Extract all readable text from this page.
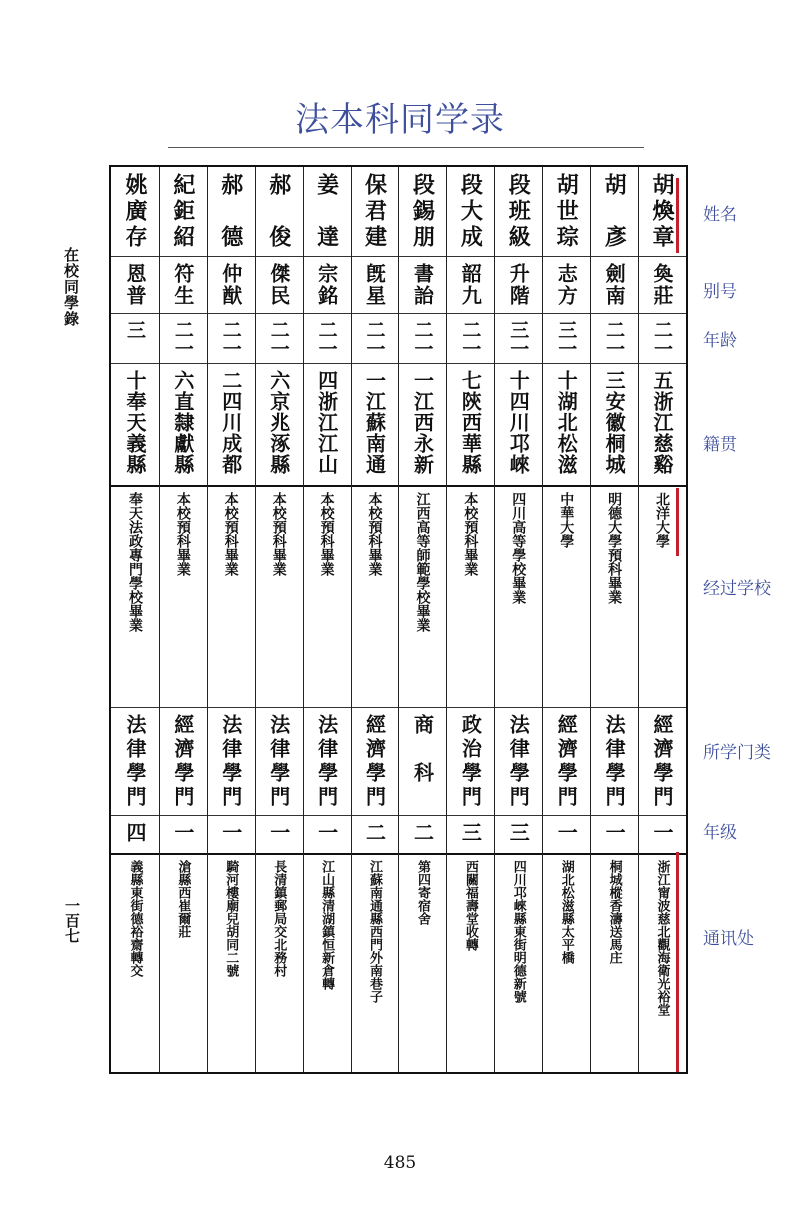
法本科同学录
在校同學錄
一百七
胡煥章
奐莊
二一
五浙江慈谿
北洋大學
經濟學門
一
浙江甯波慈北觀海衛光裕堂
胡　彥
劍南
二一
三安徽桐城
明德大學預科畢業
法律學門
一
桐城樅香濤送馬庄
胡世琮
志方
三一
十湖北松滋
中華大學
經濟學門
一
湖北松滋縣太平橋
段班級
升階
三一
十四川邛崍
四川高等學校畢業
法律學門
三
四川邛崍縣東街明德新號
段大成
韶九
二一
七陝西華縣
本校預科畢業
政治學門
三
西關福壽堂收轉
段錫朋
書詒
二一
一江西永新
江西高等師範學校畢業
商　科
二
第四寄宿舍
保君建
旣星
二一
一江蘇南通
本校預科畢業
經濟學門
二
江蘇南通縣西門外南巷子
姜　達
宗銘
二一
四浙江江山
本校預科畢業
法律學門
一
江山縣清湖鎮恒新倉轉
郝　俊
傑民
二一
六京兆涿縣
本校預科畢業
法律學門
一
長清鎮郵局交北務村
郝　德
仲猷
二一
二四川成都
本校預科畢業
法律學門
一
騎河樓廟兒胡同二號
紀鉅紹
符生
二一
六直隸獻縣
本校預科畢業
經濟學門
一
滄縣西崔爾莊
姚廣存
恩普
三
十奉天義縣
奉天法政專門學校畢業
法律學門
四
義縣東街德裕齋轉交
姓名
别号
年龄
籍贯
经过学校
所学门类
年级
通讯处
485
